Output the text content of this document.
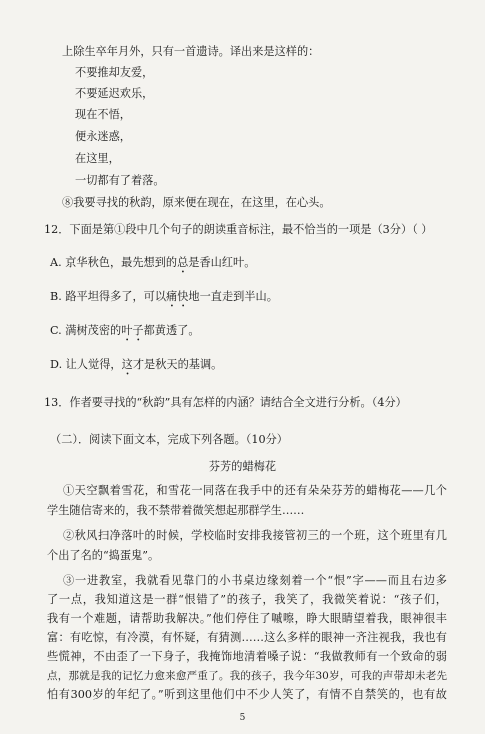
上除生卒年月外，只有一首遗诗。译出来是这样的：
不要推却友爱，
不要延迟欢乐，
现在不悟，
便永迷惑，
在这里，
一切都有了着落。
⑧我要寻找的秋韵，原来便在现在，在这里，在心头。
12．下面是第①段中几个句子的朗读重音标注，最不恰当的一项是（3分）（ ）
A. 京华秋色，最先想到的总是香山红叶。
B. 路平坦得多了，可以痛快地一直走到半山。
C. 满树茂密的叶子都黄透了。
D. 让人觉得，这才是秋天的基调。
13．作者要寻找的“秋韵”具有怎样的内涵？请结合全文进行分析。（4分）
（二）．阅读下面文本，完成下列各题。（10分）
芬芳的蜡梅花
①天空飘着雪花，和雪花一同落在我手中的还有朵朵芬芳的蜡梅花——几个
学生随信寄来的，我不禁带着微笑想起那群学生……
②秋风扫净落叶的时候，学校临时安排我接管初三的一个班，这个班里有几
个出了名的“捣蛋鬼”。
③一进教室，我就看见靠门的小书桌边缘刻着一个“恨”字——而且右边多
了一点，我知道这是一群“恨错了”的孩子，我笑了，我微笑着说：“孩子们，
我有一个难题，请帮助我解决。”他们停住了嘁嚓，睁大眼睛望着我，眼神很丰
富：有吃惊，有冷漠，有怀疑，有猜测……这么多样的眼神一齐注视我，我也有
些慌神，不由歪了一下身子，我掩饰地清着嗓子说：“我做教师有一个致命的弱
点，那就是我的记忆力愈来愈严重了。我的孩子，我今年30岁，可我的声带却未老先
怕有300岁的年纪了。”听到这里他们中不少人笑了，有情不自禁笑的，也有故
5
